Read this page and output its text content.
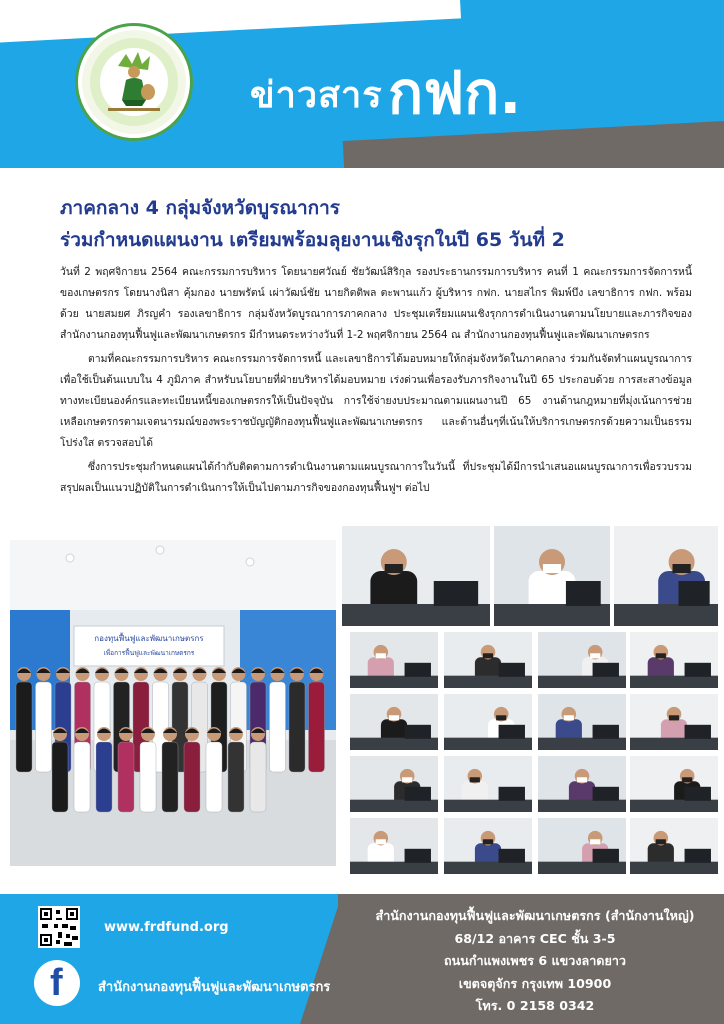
ข่าวสาร กฟก.
ภาคกลาง 4 กลุ่มจังหวัดบูรณาการ
ร่วมกำหนดแผนงาน เตรียมพร้อมลุยงานเชิงรุกในปี 65 วันที่ 2

วันที่ 2 พฤศจิกายน 2564 คณะกรรมการบริหาร โดยนายศวัณย์ ชัยวัฒน์สิริกุล รองประธานกรรมการบริหาร คนที่ 1 คณะกรรมการจัดการหนี้ของเกษตรกร โดยนางนิสา คุ้มกอง นายพรัตน์ เผ่าวัฒน์ชัย นายกิตติพล ตะพานแก้ว ผู้บริหาร กฟก. นายสไกร พิมพ์บึง เลขาธิการ กฟก. พร้อมด้วย นายสมยศ ภิรญคำ รองเลขาธิการ กลุ่มจังหวัดบูรณาการภาคกลาง ประชุมเตรียมแผนเชิงรุกการดำเนินงานตามนโยบายและภารกิจของสำนักงานกองทุนฟื้นฟูและพัฒนาเกษตรกร มีกำหนดระหว่างวันที่ 1-2 พฤศจิกายน 2564 ณ สำนักงานกองทุนฟื้นฟูและพัฒนาเกษตรกร

ตามที่คณะกรรมการบริหาร คณะกรรมการจัดการหนี้ และเลขาธิการได้มอบหมายให้กลุ่มจังหวัดในภาคกลาง ร่วมกันจัดทำแผนบูรณาการเพื่อใช้เป็นต้นแบบใน 4 ภูมิภาค สำหรับนโยบายที่ฝ่ายบริหารได้มอบหมาย เร่งด่วนเพื่อรองรับภารกิจงานในปี 65 ประกอบด้วย การสะสางข้อมูลทางทะเบียนองค์กรและทะเบียนหนี้ของเกษตรกรให้เป็นปัจจุบัน การใช้จ่ายงบประมาณตามแผนงานปี 65 งานด้านกฎหมายที่มุ่งเน้นการช่วยเหลือเกษตรกรตามเจตนารมณ์ของพระราชบัญญัติกองทุนฟื้นฟูและพัฒนาเกษตรกร และด้านอื่นๆที่เน้นให้บริการเกษตรกรด้วยความเป็นธรรม โปร่งใส ตรวจสอบได้

ซึ่งการประชุมกำหนดแผนได้กำกับติดตามการดำเนินงานตามแผนบูรณาการในวันนี้ ที่ประชุมได้มีการนำเสนอแผนบูรณาการเพื่อรวบรวมสรุปผลเป็นแนวปฏิบัติในการดำเนินการให้เป็นไปตามภารกิจของกองทุนฟื้นฟูฯ ต่อไป

กองทุนฟื้นฟูและพัฒนาเกษตรกร
เพื่อการฟื้นฟูและพัฒนาเกษตรกร
www.frdfund.org
f	สำนักงานกองทุนฟื้นฟูและพัฒนาเกษตรกร
สำนักงานกองทุนฟื้นฟูและพัฒนาเกษตรกร (สำนักงานใหญ่)
68/12 อาคาร CEC ชั้น 3-5
ถนนกำแพงเพชร 6 แขวงลาดยาว
เขตจตุจักร กรุงเทพ 10900
โทร. 0 2158 0342
